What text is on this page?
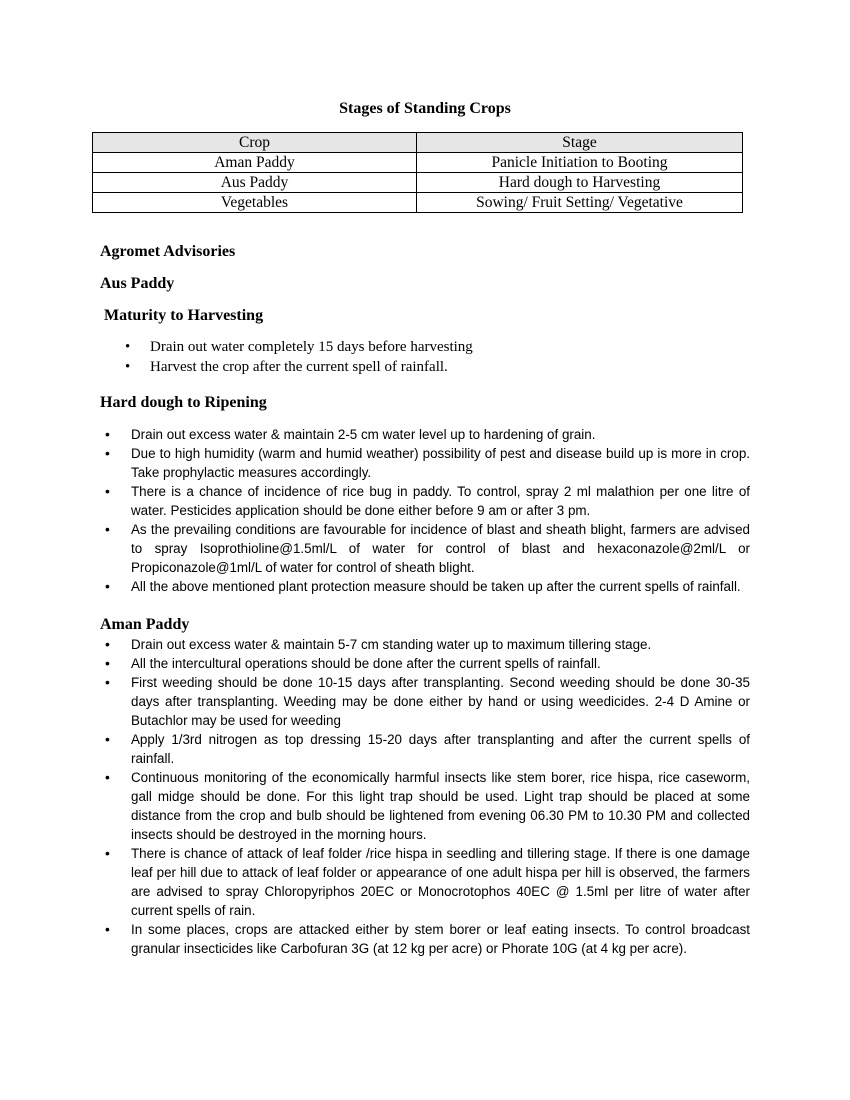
Stages of Standing Crops
Crop	Stage
Aman Paddy	Panicle Initiation to Booting
Aus Paddy	Hard dough to Harvesting
Vegetables	Sowing/ Fruit Setting/ Vegetative
Agromet Advisories
Aus Paddy
Maturity to Harvesting
• Drain out water completely 15 days before harvesting
• Harvest the crop after the current spell of rainfall.
Hard dough to Ripening
• Drain out excess water & maintain 2-5 cm water level up to hardening of grain.
• Due to high humidity (warm and humid weather) possibility of pest and disease build up is more in crop. Take prophylactic measures accordingly.
• There is a chance of incidence of rice bug in paddy. To control, spray 2 ml malathion per one litre of water. Pesticides application should be done either before 9 am or after 3 pm.
• As the prevailing conditions are favourable for incidence of blast and sheath blight, farmers are advised to spray Isoprothioline@1.5ml/L of water for control of blast and hexaconazole@2ml/L or Propiconazole@1ml/L of water for control of sheath blight.
• All the above mentioned plant protection measure should be taken up after the current spells of rainfall.
Aman Paddy
• Drain out excess water & maintain 5-7 cm standing water up to maximum tillering stage.
• All the intercultural operations should be done after the current spells of rainfall.
• First weeding should be done 10-15 days after transplanting. Second weeding should be done 30-35 days after transplanting. Weeding may be done either by hand or using weedicides. 2-4 D Amine or Butachlor may be used for weeding
• Apply 1/3rd nitrogen as top dressing 15-20 days after transplanting and after the current spells of rainfall.
• Continuous monitoring of the economically harmful insects like stem borer, rice hispa, rice caseworm, gall midge should be done. For this light trap should be used. Light trap should be placed at some distance from the crop and bulb should be lightened from evening 06.30 PM to 10.30 PM and collected insects should be destroyed in the morning hours.
• There is chance of attack of leaf folder /rice hispa in seedling and tillering stage. If there is one damage leaf per hill due to attack of leaf folder or appearance of one adult hispa per hill is observed, the farmers are advised to spray Chloropyriphos 20EC or Monocrotophos 40EC @ 1.5ml per litre of water after current spells of rain.
• In some places, crops are attacked either by stem borer or leaf eating insects. To control broadcast granular insecticides like Carbofuran 3G (at 12 kg per acre) or Phorate 10G (at 4 kg per acre).
